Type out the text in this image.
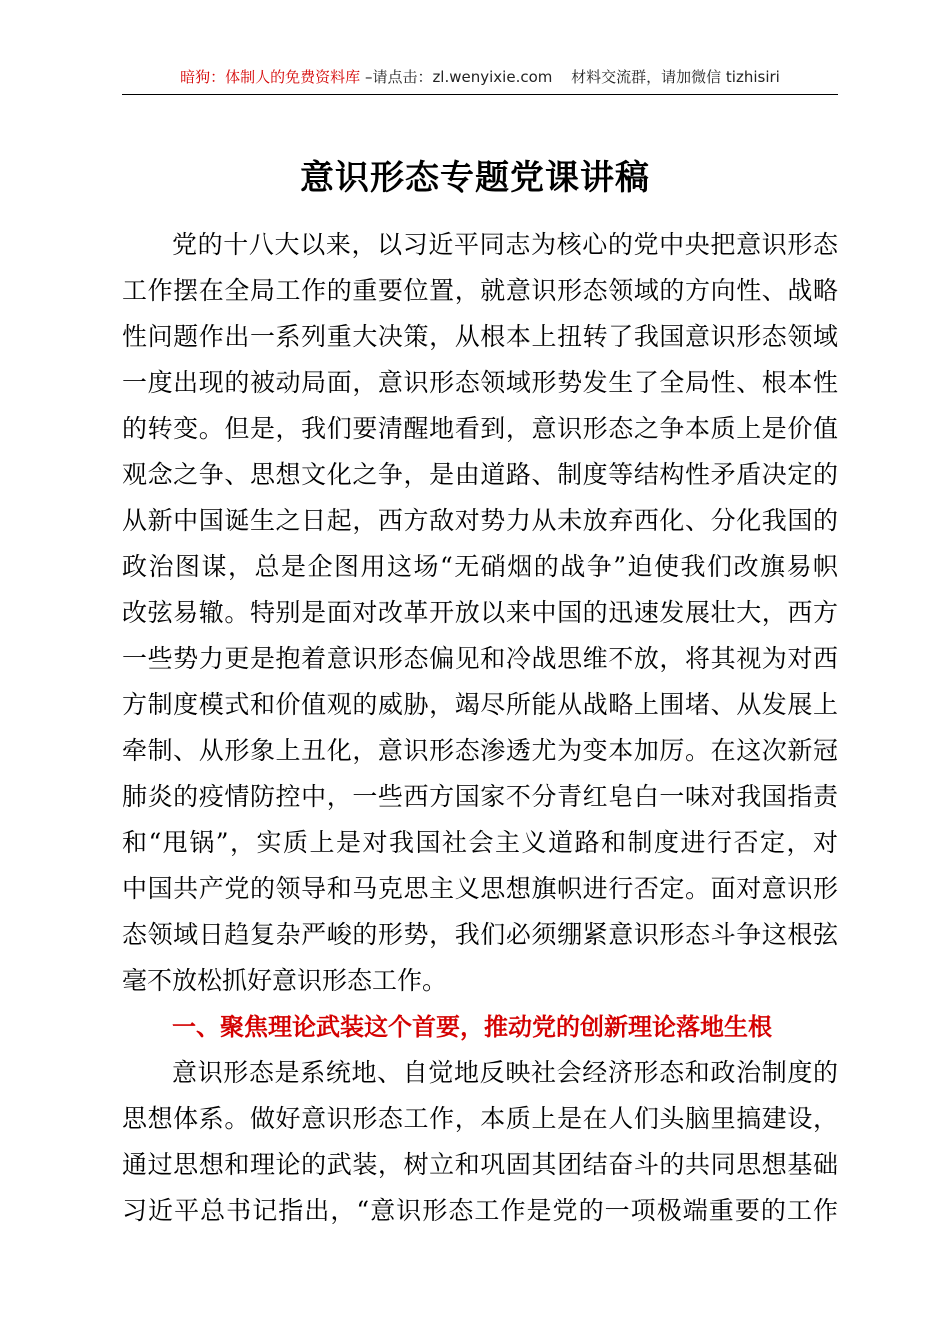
暗狗：体制人的免费资料库 –请点击：zl.wenyixie.com 材料交流群，请加微信 tizhisiri
意识形态专题党课讲稿
党的十八大以来，以习近平同志为核心的党中央把意识形态
工作摆在全局工作的重要位置，就意识形态领域的方向性、战略
性问题作出一系列重大决策，从根本上扭转了我国意识形态领域
一度出现的被动局面，意识形态领域形势发生了全局性、根本性
的转变。但是，我们要清醒地看到，意识形态之争本质上是价值
观念之争、思想文化之争，是由道路、制度等结构性矛盾决定的
从新中国诞生之日起，西方敌对势力从未放弃西化、分化我国的
政治图谋，总是企图用这场“无硝烟的战争”迫使我们改旗易帜
改弦易辙。特别是面对改革开放以来中国的迅速发展壮大，西方
一些势力更是抱着意识形态偏见和冷战思维不放，将其视为对西
方制度模式和价值观的威胁，竭尽所能从战略上围堵、从发展上
牵制、从形象上丑化，意识形态渗透尤为变本加厉。在这次新冠
肺炎的疫情防控中，一些西方国家不分青红皂白一味对我国指责
和“甩锅”，实质上是对我国社会主义道路和制度进行否定，对
中国共产党的领导和马克思主义思想旗帜进行否定。面对意识形
态领域日趋复杂严峻的形势，我们必须绷紧意识形态斗争这根弦
毫不放松抓好意识形态工作。
一、聚焦理论武装这个首要，推动党的创新理论落地生根
意识形态是系统地、自觉地反映社会经济形态和政治制度的
思想体系。做好意识形态工作，本质上是在人们头脑里搞建设，
通过思想和理论的武装，树立和巩固其团结奋斗的共同思想基础
习近平总书记指出，“意识形态工作是党的一项极端重要的工作
